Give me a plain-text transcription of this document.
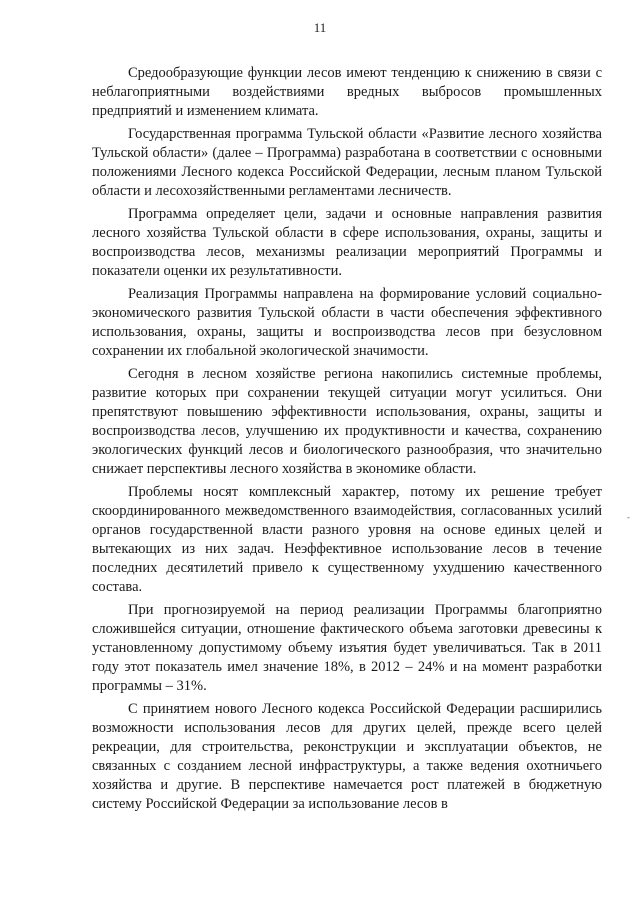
11

Средообразующие функции лесов имеют тенденцию к снижению в связи с неблагоприятными воздействиями вредных выбросов промышленных предприятий и изменением климата.

Государственная программа Тульской области «Развитие лесного хозяйства Тульской области» (далее – Программа) разработана в соответствии с основными положениями Лесного кодекса Российской Федерации, лесным планом Тульской области и лесохозяйственными регламентами лесничеств.

Программа определяет цели, задачи и основные направления развития лесного хозяйства Тульской области в сфере использования, охраны, защиты и воспроизводства лесов, механизмы реализации мероприятий Программы и показатели оценки их результативности.

Реализация Программы направлена на формирование условий социально-экономического развития Тульской области в части обеспечения эффективного использования, охраны, защиты и воспроизводства лесов при безусловном сохранении их глобальной экологической значимости.

Сегодня в лесном хозяйстве региона накопились системные проблемы, развитие которых при сохранении текущей ситуации могут усилиться. Они препятствуют повышению эффективности использования, охраны, защиты и воспроизводства лесов, улучшению их продуктивности и качества, сохранению экологических функций лесов и биологического разнообразия, что значительно снижает перспективы лесного хозяйства в экономике области.

Проблемы носят комплексный характер, потому их решение требует скоординированного межведомственного взаимодействия, согласованных усилий органов государственной власти разного уровня на основе единых целей и вытекающих из них задач. Неэффективное использование лесов в течение последних десятилетий привело к существенному ухудшению качественного состава.

При прогнозируемой на период реализации Программы благоприятно сложившейся ситуации, отношение фактического объема заготовки древесины к установленному допустимому объему изъятия будет увеличиваться. Так в 2011 году этот показатель имел значение 18%, в 2012 – 24% и на момент разработки программы – 31%.

С принятием нового Лесного кодекса Российской Федерации расширились возможности использования лесов для других целей, прежде всего целей рекреации, для строительства, реконструкции и эксплуатации объектов, не связанных с созданием лесной инфраструктуры, а также ведения охотничьего хозяйства и другие. В перспективе намечается рост платежей в бюджетную систему Российской Федерации за использование лесов в

-
